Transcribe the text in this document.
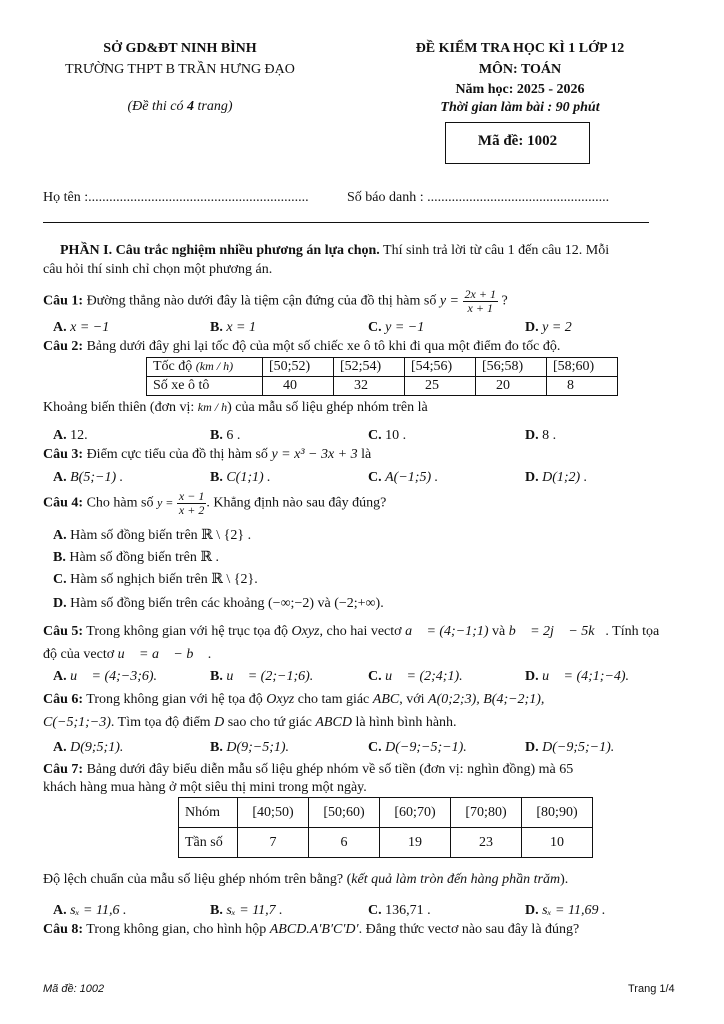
SỞ GD&ĐT NINH BÌNH
TRƯỜNG THPT B TRẦN HƯNG ĐẠO
(Đề thi có 4 trang)
ĐỀ KIỂM TRA HỌC KÌ 1 LỚP 12
MÔN: TOÁN
Năm học: 2025 - 2026
Thời gian làm bài : 90 phút
Mã đề: 1002
Họ tên :...............................................................	Số báo danh : ....................................................
PHẦN I. Câu trắc nghiệm nhiều phương án lựa chọn. Thí sinh trả lời từ câu 1 đến câu 12. Mỗi
câu hỏi thí sinh chỉ chọn một phương án.
Câu 1: Đường thẳng nào dưới đây là tiệm cận đứng của đồ thị hàm số $y = \frac{2x + 1}{x + 1}$ ?
A. x = −1	B. x = 1	C. y = −1	D. y = 2
Câu 2: Bảng dưới đây ghi lại tốc độ của một số chiếc xe ô tô khi đi qua một điểm đo tốc độ.
Tốc độ (km / h)	[50;52)	[52;54)	[54;56)	[56;58)	[58;60)
Số xe ô tô	40	32	25	20	8
Khoảng biến thiên (đơn vị: km / h) của mẫu số liệu ghép nhóm trên là
A. 12.	B. 6 .	C. 10 .	D. 8 .
Câu 3: Điểm cực tiểu của đồ thị hàm số y = x³ − 3x + 3 là
A. B(5;−1) .	B. C(1;1) .	C. A(−1;5) .	D. D(1;2) .
Câu 4: Cho hàm số $y = \frac{x - 1}{x + 2}$ . Khẳng định nào sau đây đúng?
A. Hàm số đồng biến trên ℝ \ {2} .
B. Hàm số đồng biến trên ℝ .
C. Hàm số nghịch biến trên ℝ \ {2}.
D. Hàm số đồng biến trên các khoảng (−∞;−2) và (−2;+∞).
Câu 5: Trong không gian với hệ trục tọa độ Oxyz, cho hai vectơ a⃗ = (4;−1;1) và b⃗ = 2j⃗ − 5k⃗. Tính tọa
độ của vectơ u⃗ = a⃗ − b⃗ .
A. u⃗ = (4;−3;6).	B. u⃗ = (2;−1;6).	C. u⃗ = (2;4;1).	D. u⃗ = (4;1;−4).
Câu 6: Trong không gian với hệ tọa độ Oxyz cho tam giác ABC, với A(0;2;3), B(4;−2;1),
C(−5;1;−3). Tìm tọa độ điểm D sao cho tứ giác ABCD là hình bình hành.
A. D(9;5;1).	B. D(9;−5;1).	C. D(−9;−5;−1).	D. D(−9;5;−1).
Câu 7: Bảng dưới đây biểu diễn mẫu số liệu ghép nhóm về số tiền (đơn vị: nghìn đồng) mà 65
khách hàng mua hàng ở một siêu thị mini trong một ngày.
Nhóm	[40;50)	[50;60)	[60;70)	[70;80)	[80;90)
Tần số	7	6	19	23	10
Độ lệch chuẩn của mẫu số liệu ghép nhóm trên bằng? (kết quả làm tròn đến hàng phần trăm).
A. sₓ = 11,6 .	B. sₓ = 11,7 .	C. 136,71 .	D. sₓ = 11,69 .
Câu 8: Trong không gian, cho hình hộp ABCD.A′B′C′D′. Đẳng thức vectơ nào sau đây là đúng?
Mã đề: 1002	Trang 1/4
